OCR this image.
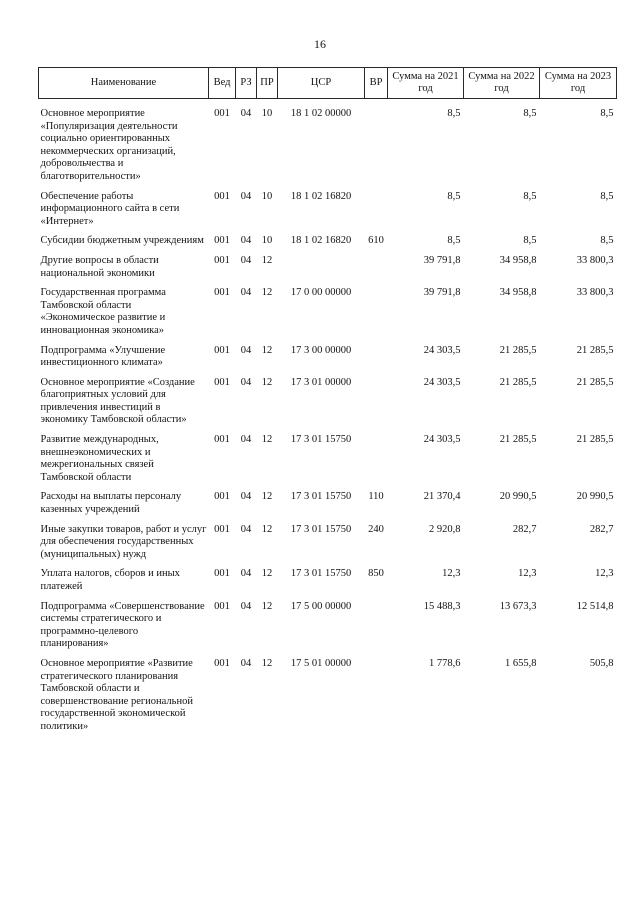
16
Наименование	Вед	РЗ	ПР	ЦСР	ВР	Сумма на 2021 год	Сумма на 2022 год	Сумма на 2023 год
Основное мероприятие «Популяризация деятельности социально ориентированных некоммерческих организаций, добровольчества и благотворительности»	001	04	10	18 1 02 00000		8,5	8,5	8,5
Обеспечение работы информационного сайта в сети «Интернет»	001	04	10	18 1 02 16820		8,5	8,5	8,5
Субсидии бюджетным учреждениям	001	04	10	18 1 02 16820	610	8,5	8,5	8,5
Другие вопросы в области национальной экономики	001	04	12			39 791,8	34 958,8	33 800,3
Государственная программа Тамбовской области «Экономическое развитие и инновационная экономика»	001	04	12	17 0 00 00000		39 791,8	34 958,8	33 800,3
Подпрограмма «Улучшение инвестиционного климата»	001	04	12	17 3 00 00000		24 303,5	21 285,5	21 285,5
Основное мероприятие «Создание благоприятных условий для привлечения инвестиций в экономику Тамбовской области»	001	04	12	17 3 01 00000		24 303,5	21 285,5	21 285,5
Развитие международных, внешнеэкономических и межрегиональных связей Тамбовской области	001	04	12	17 3 01 15750		24 303,5	21 285,5	21 285,5
Расходы на выплаты персоналу казенных учреждений	001	04	12	17 3 01 15750	110	21 370,4	20 990,5	20 990,5
Иные закупки товаров, работ и услуг для обеспечения государственных (муниципальных) нужд	001	04	12	17 3 01 15750	240	2 920,8	282,7	282,7
Уплата налогов, сборов и иных платежей	001	04	12	17 3 01 15750	850	12,3	12,3	12,3
Подпрограмма «Совершенствование системы стратегического и программно-целевого планирования»	001	04	12	17 5 00 00000		15 488,3	13 673,3	12 514,8
Основное мероприятие «Развитие стратегического планирования Тамбовской области и совершенствование региональной государственной экономической политики»	001	04	12	17 5 01 00000		1 778,6	1 655,8	505,8
